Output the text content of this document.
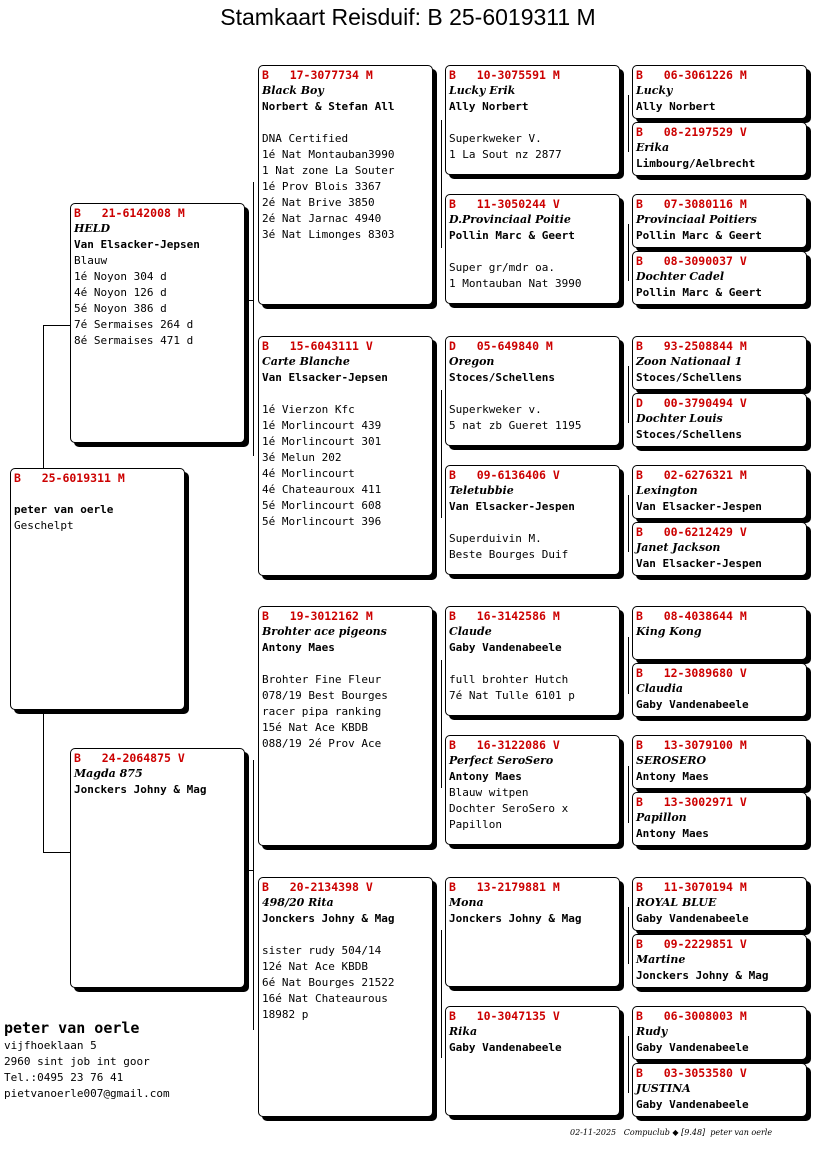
Stamkaart Reisduif: B 25-6019311 M
B   25-6019311 M
peter van oerle
Geschelpt
B   21-6142008 M
HELD
Van Elsacker-Jepsen
Blauw
1é Noyon 304 d
4é Noyon 126 d
5é Noyon 386 d
7é Sermaises 264 d
8é Sermaises 471 d
B   24-2064875 V
Magda 875
Jonckers Johny & Mag
B   17-3077734 M
Black Boy
Norbert & Stefan All
DNA Certified
1é Nat Montauban3990
1 Nat zone La Souter
1é Prov Blois 3367
2é Nat Brive 3850
2é Nat Jarnac 4940
3é Nat Limonges 8303
B   15-6043111 V
Carte Blanche
Van Elsacker-Jepsen
1é Vierzon Kfc
1é Morlincourt 439
1é Morlincourt 301
3é Melun 202
4é Morlincourt
4é Chateauroux 411
5é Morlincourt 608
5é Morlincourt 396
B   19-3012162 M
Brohter ace pigeons
Antony Maes
Brohter Fine Fleur
078/19 Best Bourges
racer pipa ranking
15é Nat Ace KBDB
088/19 2é Prov Ace
B   20-2134398 V
498/20 Rita
Jonckers Johny & Mag
sister rudy 504/14
12é Nat Ace KBDB
6é Nat Bourges 21522
16é Nat Chateaurous
18982 p
B   10-3075591 M
Lucky Erik
Ally Norbert
Superkweker V.
1 La Sout nz 2877
B   11-3050244 V
D.Provinciaal Poitie
Pollin Marc & Geert
Super gr/mdr oa.
1 Montauban Nat 3990
D   05-649840 M
Oregon
Stoces/Schellens
Superkweker v.
5 nat zb Gueret 1195
B   09-6136406 V
Teletubbie
Van Elsacker-Jespen
Superduivin M.
Beste Bourges Duif
B   16-3142586 M
Claude
Gaby Vandenabeele
full brohter Hutch
7é Nat Tulle 6101 p
B   16-3122086 V
Perfect SeroSero
Antony Maes
Blauw witpen
Dochter SeroSero x
Papillon
B   13-2179881 M
Mona
Jonckers Johny & Mag
B   10-3047135 V
Rika
Gaby Vandenabeele
B   06-3061226 M
Lucky
Ally Norbert
B   08-2197529 V
Erika
Limbourg/Aelbrecht
B   07-3080116 M
Provinciaal Poitiers
Pollin Marc & Geert
B   08-3090037 V
Dochter Cadel
Pollin Marc & Geert
B   93-2508844 M
Zoon Nationaal 1
Stoces/Schellens
D   00-3790494 V
Dochter Louis
Stoces/Schellens
B   02-6276321 M
Lexington
Van Elsacker-Jespen
B   00-6212429 V
Janet Jackson
Van Elsacker-Jespen
B   08-4038644 M
King Kong
B   12-3089680 V
Claudia
Gaby Vandenabeele
B   13-3079100 M
SEROSERO
Antony Maes
B   13-3002971 V
Papillon
Antony Maes
B   11-3070194 M
ROYAL BLUE
Gaby Vandenabeele
B   09-2229851 V
Martine
Jonckers Johny & Mag
B   06-3008003 M
Rudy
Gaby Vandenabeele
B   03-3053580 V
JUSTINA
Gaby Vandenabeele
peter van oerle
vijfhoeklaan 5
2960 sint job int goor
Tel.:0495 23 76 41
pietvanoerle007@gmail.com
02-11-2025   Compuclub ◆ [9.48]  peter van oerle
